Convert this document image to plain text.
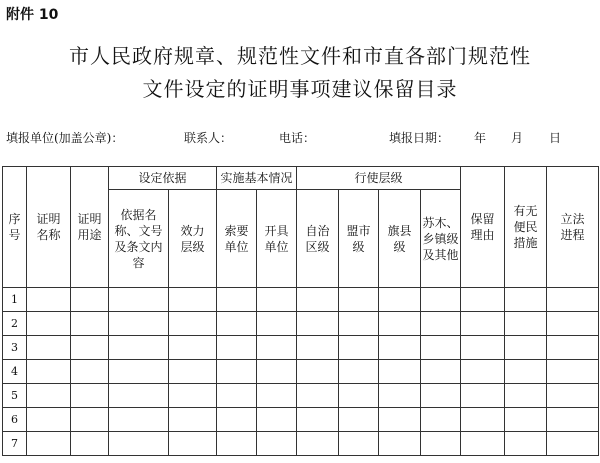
附件 10
市人民政府规章、规范性文件和市直各部门规范性
文件设定的证明事项建议保留目录
填报单位(加盖公章)：	联系人：	电话：	填报日期： 年 月 日
序号	证明名称	证明用途	设定依据		实施基本情况		行使层级				保留理由	有无便民措施	立法进程
			依据名称、文号及条文内容	效力层级	索要单位	开具单位	自治区级	盟市级	旗县级	苏木、乡镇级及其他			
1													
2													
3													
4													
5													
6													
7													
